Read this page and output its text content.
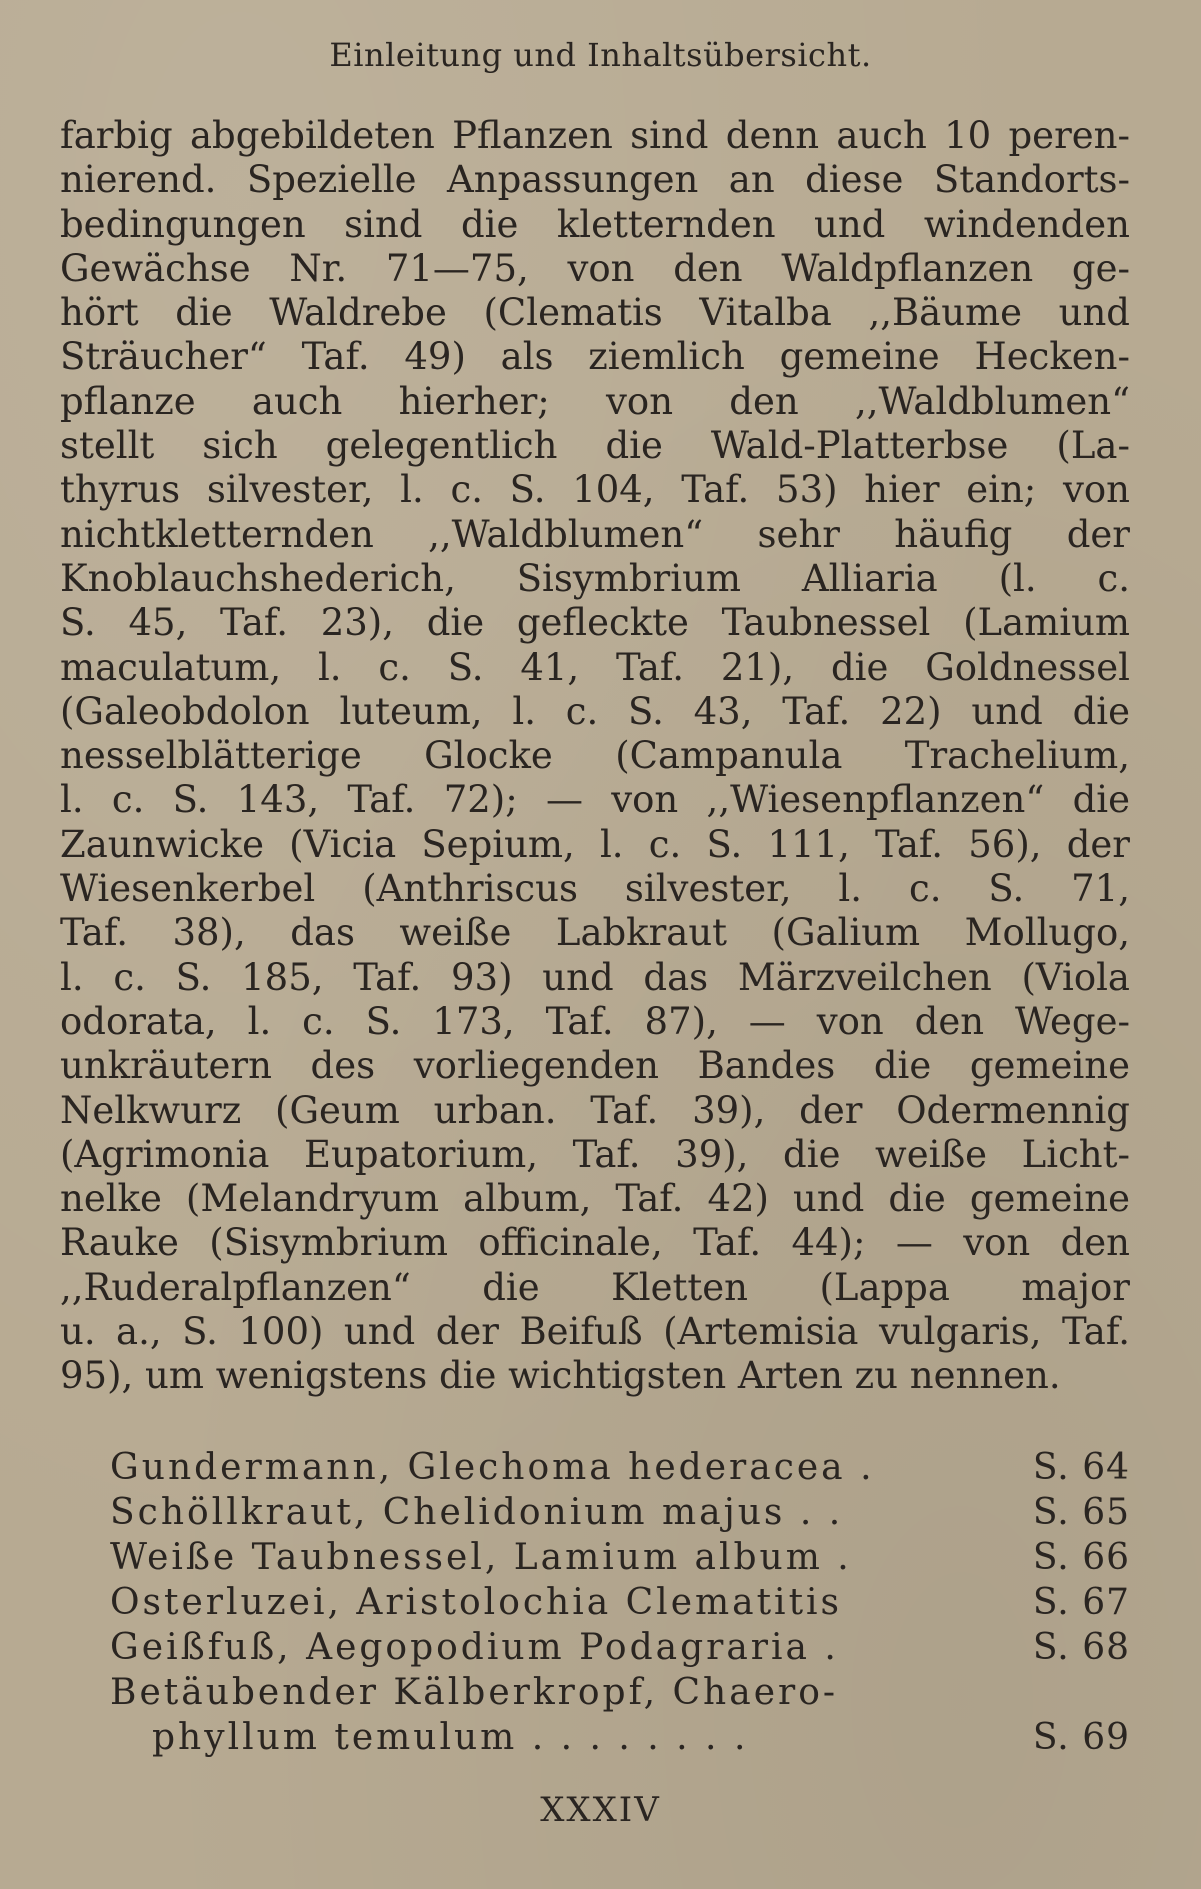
Einleitung und Inhaltsübersicht.
farbig abgebildeten Pflanzen sind denn auch 10 peren-
nierend. Spezielle Anpassungen an diese Standorts-
bedingungen sind die kletternden und windenden
Gewächse Nr. 71—75, von den Waldpflanzen ge-
hört die Waldrebe (Clematis Vitalba ,,Bäume und
Sträucher“ Taf. 49) als ziemlich gemeine Hecken-
pflanze auch hierher; von den ,,Waldblumen“
stellt sich gelegentlich die Wald-Platterbse (La-
thyrus silvester, l. c. S. 104, Taf. 53) hier ein; von
nichtkletternden ,,Waldblumen“ sehr häufig der
Knoblauchshederich, Sisymbrium Alliaria (l. c.
S. 45, Taf. 23), die gefleckte Taubnessel (Lamium
maculatum, l. c. S. 41, Taf. 21), die Goldnessel
(Galeobdolon luteum, l. c. S. 43, Taf. 22) und die
nesselblätterige Glocke (Campanula Trachelium,
l. c. S. 143, Taf. 72); — von ,,Wiesenpflanzen“ die
Zaunwicke (Vicia Sepium, l. c. S. 111, Taf. 56), der
Wiesenkerbel (Anthriscus silvester, l. c. S. 71,
Taf. 38), das weiße Labkraut (Galium Mollugo,
l. c. S. 185, Taf. 93) und das Märzveilchen (Viola
odorata, l. c. S. 173, Taf. 87), — von den Wege-
unkräutern des vorliegenden Bandes die gemeine
Nelkwurz (Geum urban. Taf. 39), der Odermennig
(Agrimonia Eupatorium, Taf. 39), die weiße Licht-
nelke (Melandryum album, Taf. 42) und die gemeine
Rauke (Sisymbrium officinale, Taf. 44); — von den
,,Ruderalpflanzen“ die Kletten (Lappa major
u. a., S. 100) und der Beifuß (Artemisia vulgaris, Taf.
95), um wenigstens die wichtigsten Arten zu nennen.
Gundermann, Glechoma hederacea .	S. 64
Schöllkraut, Chelidonium majus . .	S. 65
Weiße Taubnessel, Lamium album .	S. 66
Osterluzei, Aristolochia Clematitis	S. 67
Geißfuß, Aegopodium Podagraria .	S. 68
Betäubender Kälberkropf, Chaero-
phyllum temulum . . . . . . . .	S. 69
XXXIV
